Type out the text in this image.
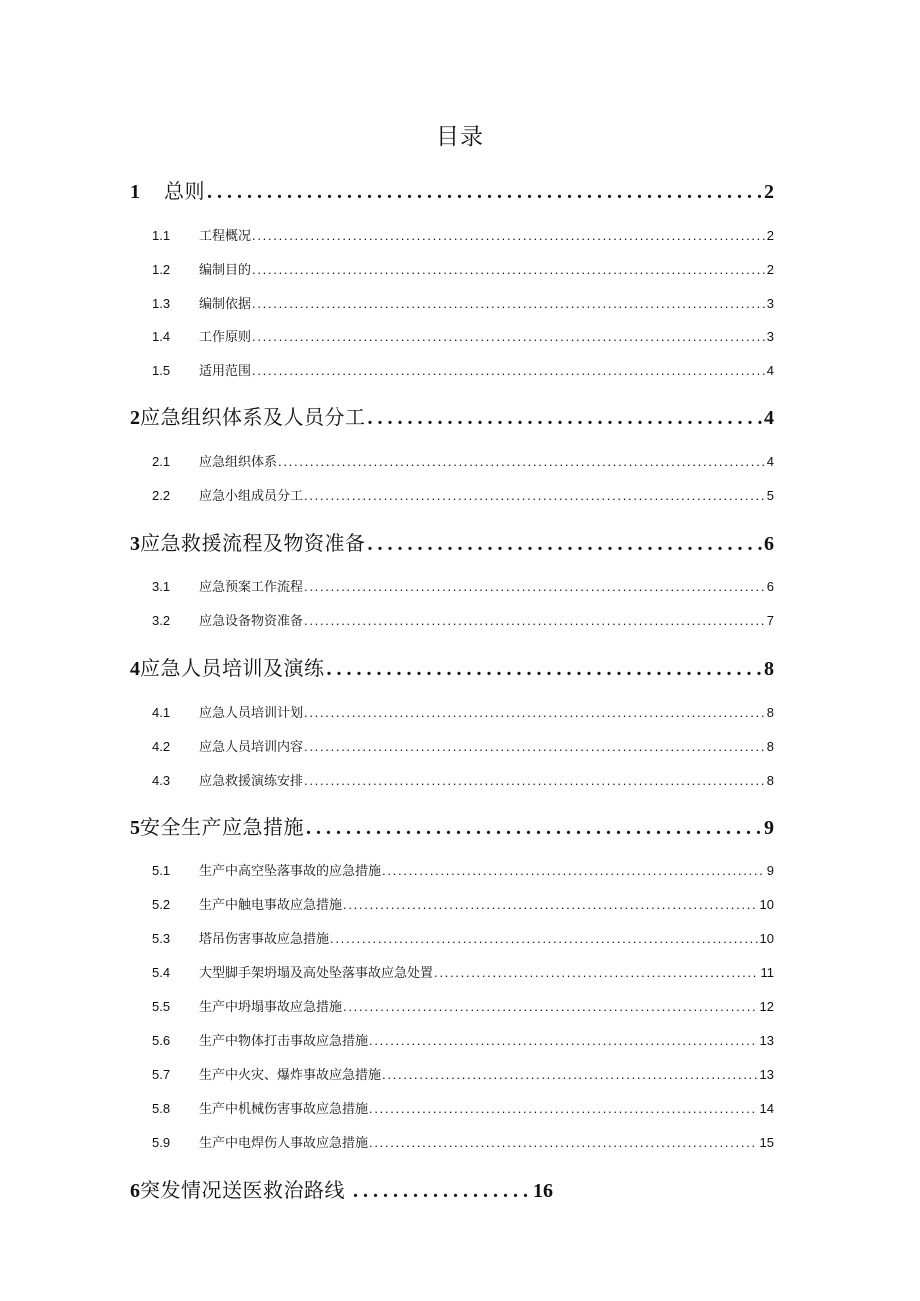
目录
1 总则 . . .	2
1.1	工程概况 .....	2
1.2	编制目的 .....	2
1.3	编制依据 .....	3
1.4	工作原则 .....	3
1.5	适用范围 .....	4
2 应急组织体系及人员分工 . . .	4
2.1	应急组织体系 .....	4
2.2	应急小组成员分工 .....	5
3 应急救援流程及物资准备 . . .	6
3.1	应急预案工作流程 .....	6
3.2	应急设备物资准备 .....	7
4 应急人员培训及演练 . . .	8
4.1	应急人员培训计划 .....	8
4.2	应急人员培训内容 .....	8
4.3	应急救援演练安排 .....	8
5 安全生产应急措施 . . .	9
5.1	生产中高空坠落事故的应急措施 .....	9
5.2	生产中触电事故应急措施 .....	10
5.3	塔吊伤害事故应急措施 .....	10
5.4	大型脚手架坍塌及高处坠落事故应急处置 .....	11
5.5	生产中坍塌事故应急措施 .....	12
5.6	生产中物体打击事故应急措施 .....	13
5.7	生产中火灾、爆炸事故应急措施 .....	13
5.8	生产中机械伤害事故应急措施 .....	14
5.9	生产中电焊伤人事故应急措施 .....	15
6 突发情况送医救治路线 . . .	16
